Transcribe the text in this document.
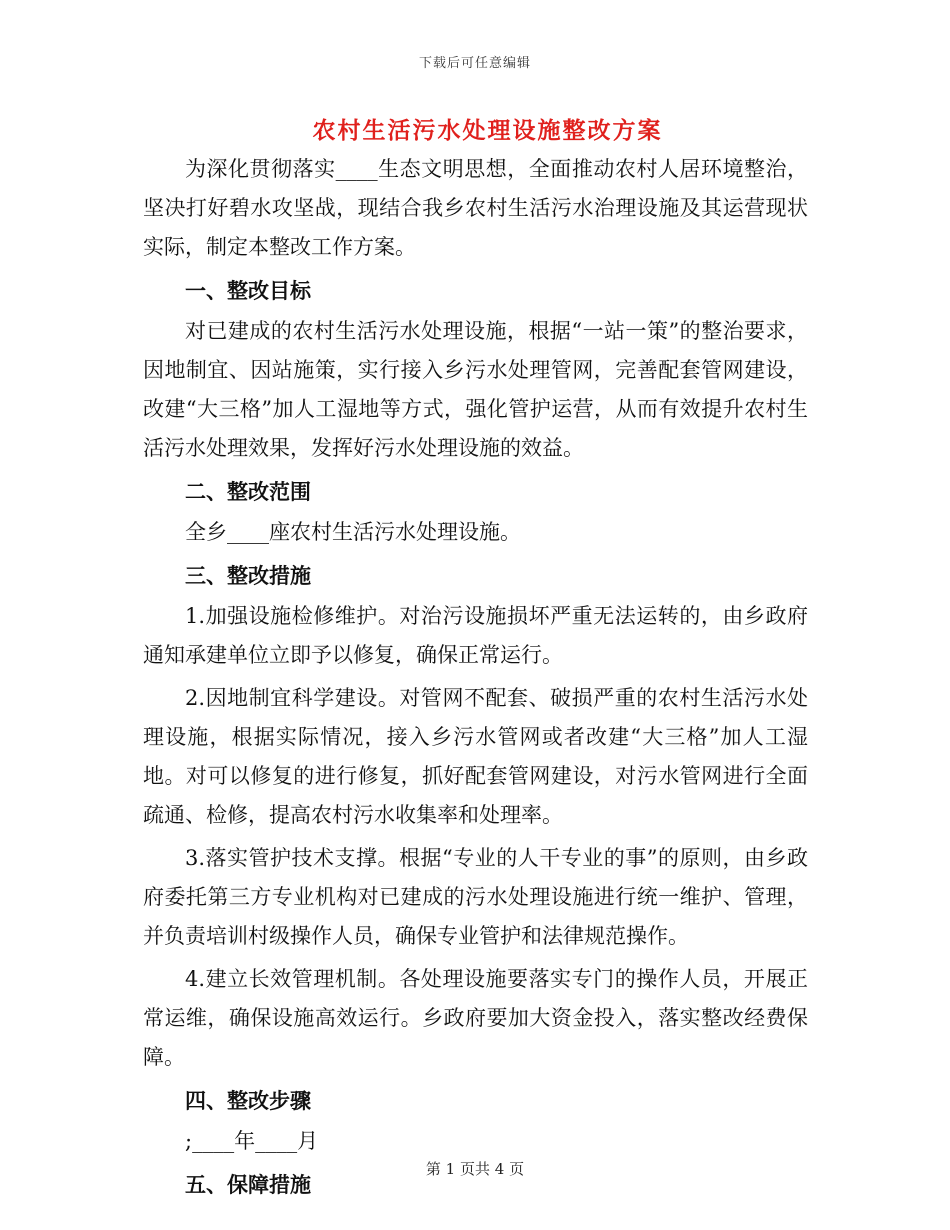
下载后可任意编辑
农村生活污水处理设施整改方案

为深化贯彻落实____生态文明思想，全面推动农村人居环境整治，坚决打好碧水攻坚战，现结合我乡农村生活污水治理设施及其运营现状实际，制定本整改工作方案。

一、整改目标

对已建成的农村生活污水处理设施，根据“一站一策”的整治要求，因地制宜、因站施策，实行接入乡污水处理管网，完善配套管网建设，改建“大三格”加人工湿地等方式，强化管护运营，从而有效提升农村生活污水处理效果，发挥好污水处理设施的效益。

二、整改范围

全乡____座农村生活污水处理设施。

三、整改措施

1.加强设施检修维护。对治污设施损坏严重无法运转的，由乡政府通知承建单位立即予以修复，确保正常运行。

2.因地制宜科学建设。对管网不配套、破损严重的农村生活污水处理设施，根据实际情况，接入乡污水管网或者改建“大三格”加人工湿地。对可以修复的进行修复，抓好配套管网建设，对污水管网进行全面疏通、检修，提高农村污水收集率和处理率。

3.落实管护技术支撑。根据“专业的人干专业的事”的原则，由乡政府委托第三方专业机构对已建成的污水处理设施进行统一维护、管理，并负责培训村级操作人员，确保专业管护和法律规范操作。

4.建立长效管理机制。各处理设施要落实专门的操作人员，开展正常运维，确保设施高效运行。乡政府要加大资金投入，落实整改经费保障。

四、整改步骤

;____年____月

五、保障措施

第 1 页共 4 页
